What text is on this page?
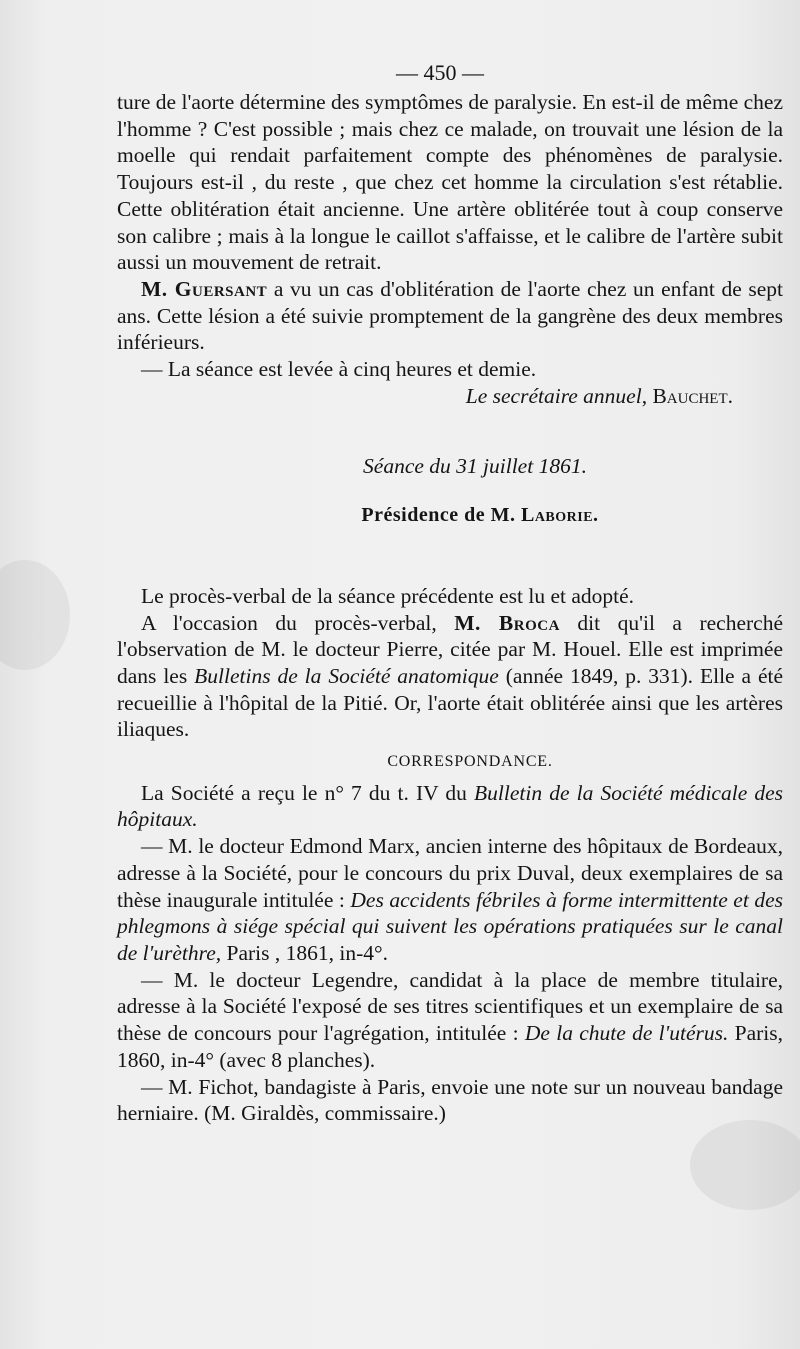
— 450 —

ture de l'aorte détermine des symptômes de paralysie. En est-il de même chez l'homme ? C'est possible ; mais chez ce malade, on trouvait une lésion de la moelle qui rendait parfaitement compte des phénomènes de paralysie. Toujours est-il , du reste , que chez cet homme la circulation s'est rétablie. Cette oblitération était ancienne. Une artère oblitérée tout à coup conserve son calibre ; mais à la longue le caillot s'affaisse, et le calibre de l'artère subit aussi un mouvement de retrait.

M. Guersant a vu un cas d'oblitération de l'aorte chez un enfant de sept ans. Cette lésion a été suivie promptement de la gangrène des deux membres inférieurs.

— La séance est levée à cinq heures et demie.

Le secrétaire annuel, Bauchet.

Séance du 31 juillet 1861.

Présidence de M. Laborie.

Le procès-verbal de la séance précédente est lu et adopté.

A l'occasion du procès-verbal, M. Broca dit qu'il a recherché l'observation de M. le docteur Pierre, citée par M. Houel. Elle est imprimée dans les Bulletins de la Société anatomique (année 1849, p. 331). Elle a été recueillie à l'hôpital de la Pitié. Or, l'aorte était oblitérée ainsi que les artères iliaques.

CORRESPONDANCE.

La Société a reçu le n° 7 du t. IV du Bulletin de la Société médicale des hôpitaux.

— M. le docteur Edmond Marx, ancien interne des hôpitaux de Bordeaux, adresse à la Société, pour le concours du prix Duval, deux exemplaires de sa thèse inaugurale intitulée : Des accidents fébriles à forme intermittente et des phlegmons à siége spécial qui suivent les opérations pratiquées sur le canal de l'urèthre, Paris , 1861, in-4°.

— M. le docteur Legendre, candidat à la place de membre titulaire, adresse à la Société l'exposé de ses titres scientifiques et un exemplaire de sa thèse de concours pour l'agrégation, intitulée : De la chute de l'utérus. Paris, 1860, in-4° (avec 8 planches).

— M. Fichot, bandagiste à Paris, envoie une note sur un nouveau bandage herniaire. (M. Giraldès, commissaire.)
